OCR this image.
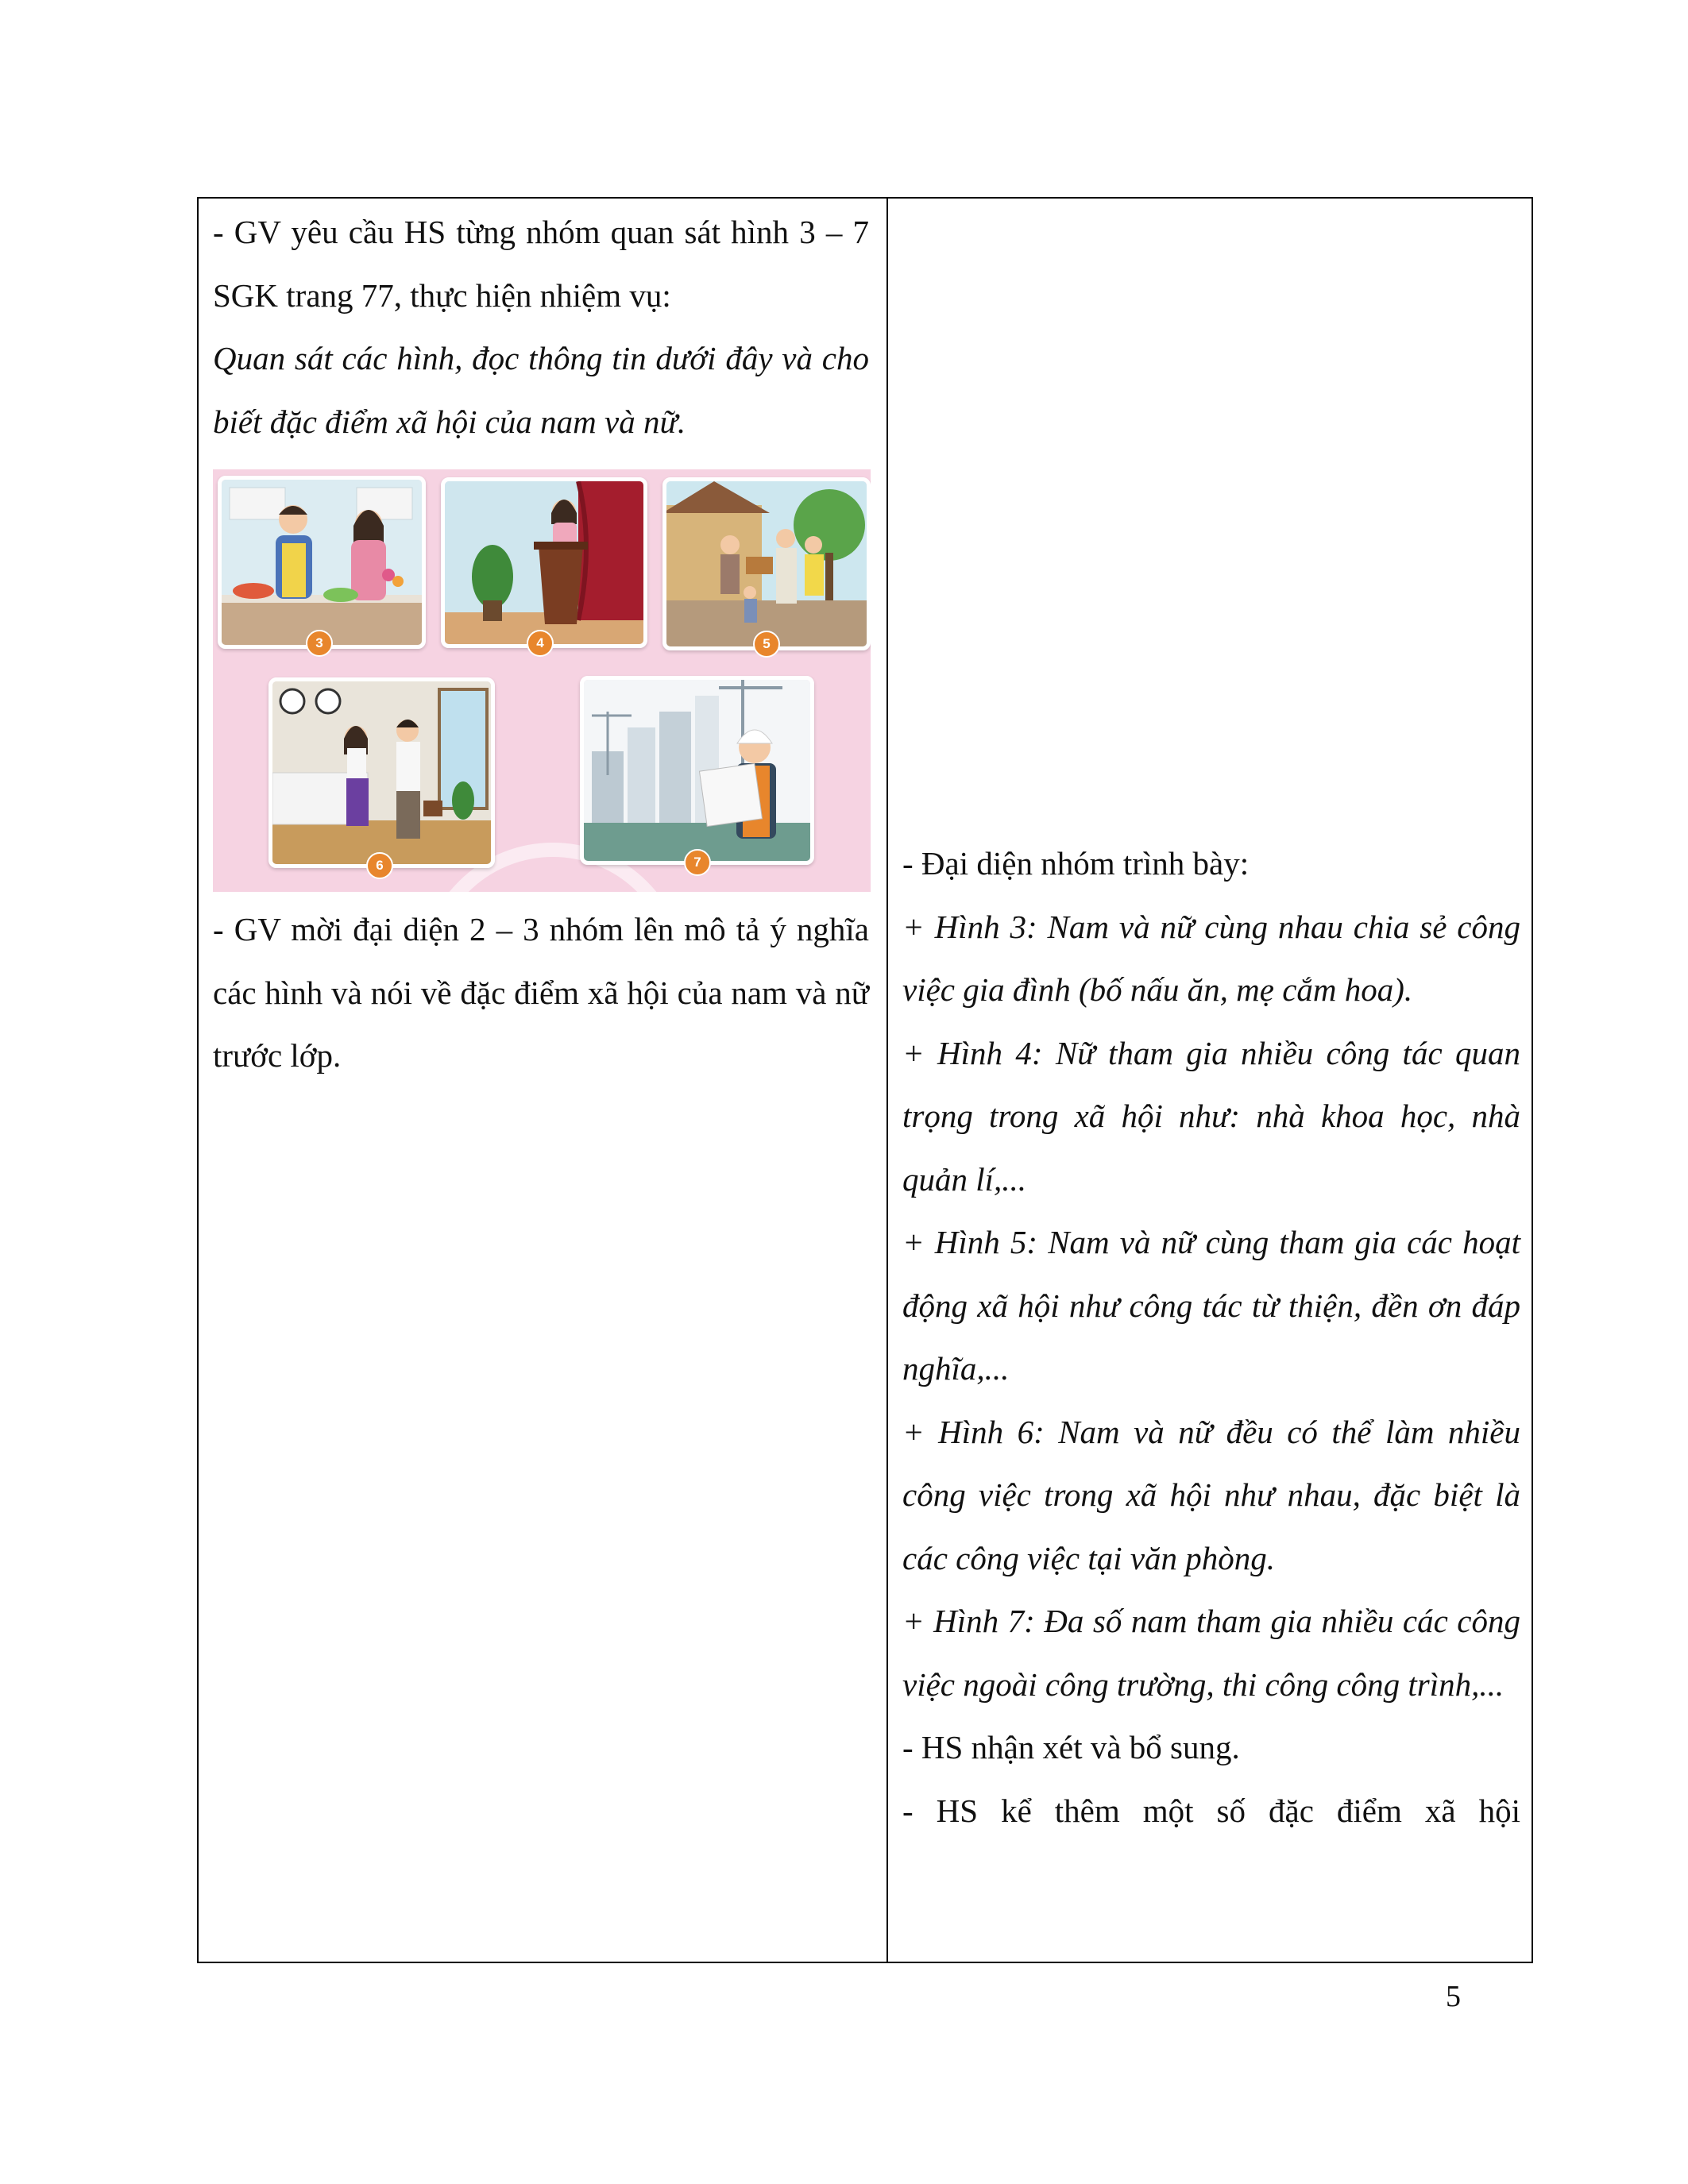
- GV yêu cầu HS từng nhóm quan sát hình 3 – 7 SGK trang 77, thực hiện nhiệm vụ:

Quan sát các hình, đọc thông tin dưới đây và cho biết đặc điểm xã hội của nam và nữ.

3	4	5
6	7

- GV mời đại diện 2 – 3 nhóm lên mô tả ý nghĩa các hình và nói về đặc điểm xã hội của nam và nữ trước lớp.

- Đại diện nhóm trình bày:

+ Hình 3: Nam và nữ cùng nhau chia sẻ công việc gia đình (bố nấu ăn, mẹ cắm hoa).

+ Hình 4: Nữ tham gia nhiều công tác quan trọng trong xã hội như: nhà khoa học, nhà quản lí,...

+ Hình 5: Nam và nữ cùng tham gia các hoạt động xã hội như công tác từ thiện, đền ơn đáp nghĩa,...

+ Hình 6: Nam và nữ đều có thể làm nhiều công việc trong xã hội như nhau, đặc biệt là các công việc tại văn phòng.

+ Hình 7: Đa số nam tham gia nhiều các công việc ngoài công trường, thi công công trình,...

- HS nhận xét và bổ sung.

- HS kể thêm một số đặc điểm xã hội

5
